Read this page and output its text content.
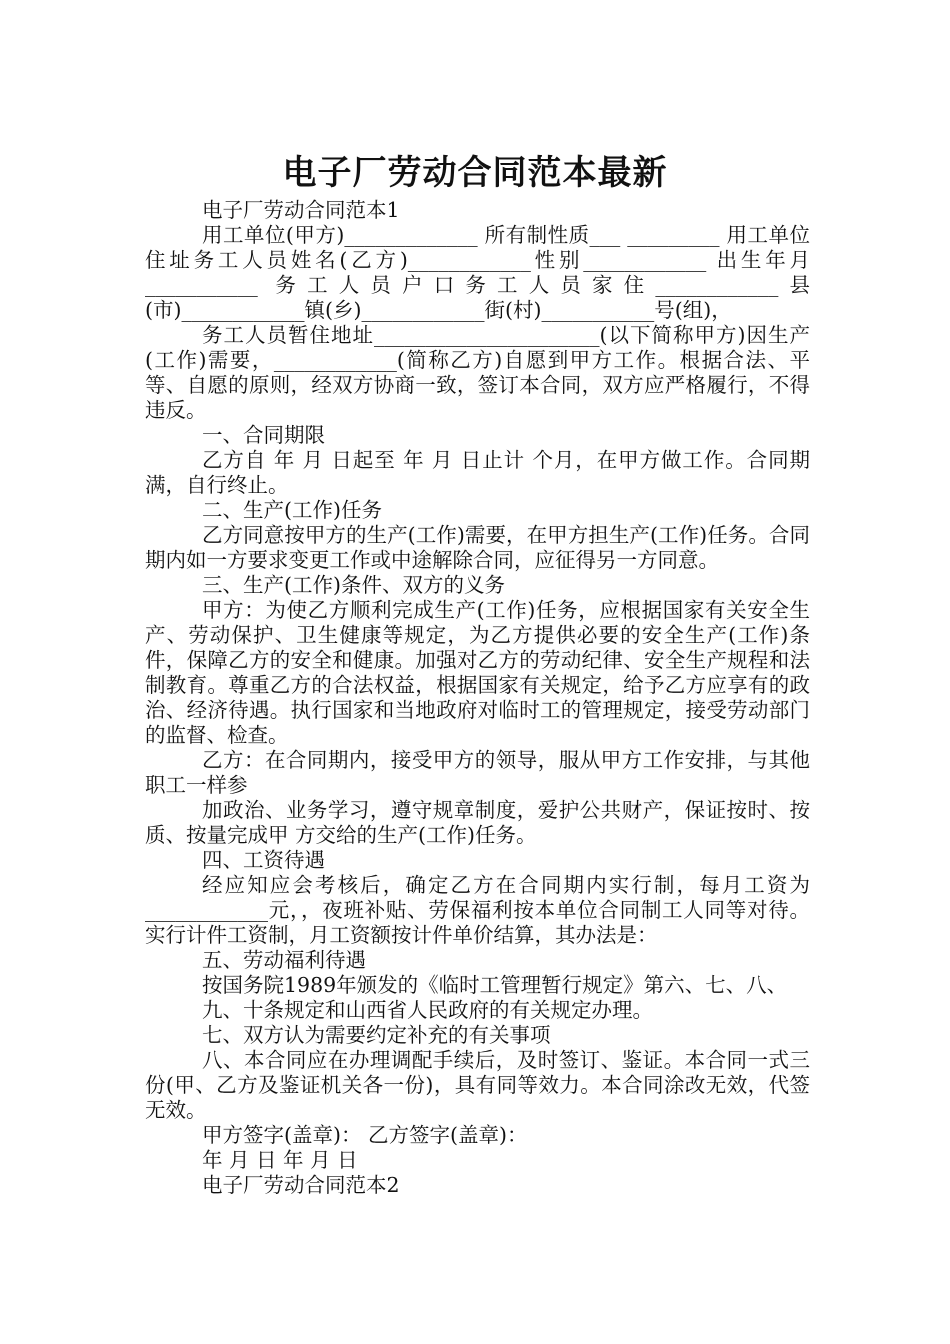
电子厂劳动合同范本最新

电子厂劳动合同范本1

用工单位(甲方)_____________ 所有制性质___ _________ 用工单位住址务工人员姓名(乙方)____________性别____________ 出生年月___________ 务工人员户口务工人员家住____________县(市)____________镇(乡)____________街(村)___________号(组)，

务工人员暂住地址______________________(以下简称甲方)因生产(工作)需要，____________(简称乙方)自愿到甲方工作。根据合法、平等、自愿的原则，经双方协商一致，签订本合同，双方应严格履行，不得违反。

一、合同期限

乙方自 年 月 日起至 年 月 日止计 个月，在甲方做工作。合同期满，自行终止。

二、生产(工作)任务

乙方同意按甲方的生产(工作)需要，在甲方担生产(工作)任务。合同期内如一方要求变更工作或中途解除合同，应征得另一方同意。

三、生产(工作)条件、双方的义务

甲方：为使乙方顺利完成生产(工作)任务，应根据国家有关安全生产、劳动保护、卫生健康等规定，为乙方提供必要的安全生产(工作)条件，保障乙方的安全和健康。加强对乙方的劳动纪律、安全生产规程和法制教育。尊重乙方的合法权益，根据国家有关规定，给予乙方应享有的政治、经济待遇。执行国家和当地政府对临时工的管理规定，接受劳动部门的监督、检查。

乙方：在合同期内，接受甲方的领导，服从甲方工作安排，与其他职工一样参

加政治、业务学习，遵守规章制度，爱护公共财产，保证按时、按质、按量完成甲 方交给的生产(工作)任务。

四、工资待遇

经应知应会考核后，确定乙方在合同期内实行制，每月工资为____________元，，夜班补贴、劳保福利按本单位合同制工人同等对待。实行计件工资制，月工资额按计件单价结算，其办法是：

五、劳动福利待遇

按国务院1989年颁发的《临时工管理暂行规定》第六、七、八、

九、十条规定和山西省人民政府的有关规定办理。

七、双方认为需要约定补充的有关事项

八、本合同应在办理调配手续后，及时签订、鉴证。本合同一式三份(甲、乙方及鉴证机关各一份)，具有同等效力。本合同涂改无效，代签无效。

甲方签字(盖章)： 乙方签字(盖章)：

年 月 日 年 月 日

电子厂劳动合同范本2
